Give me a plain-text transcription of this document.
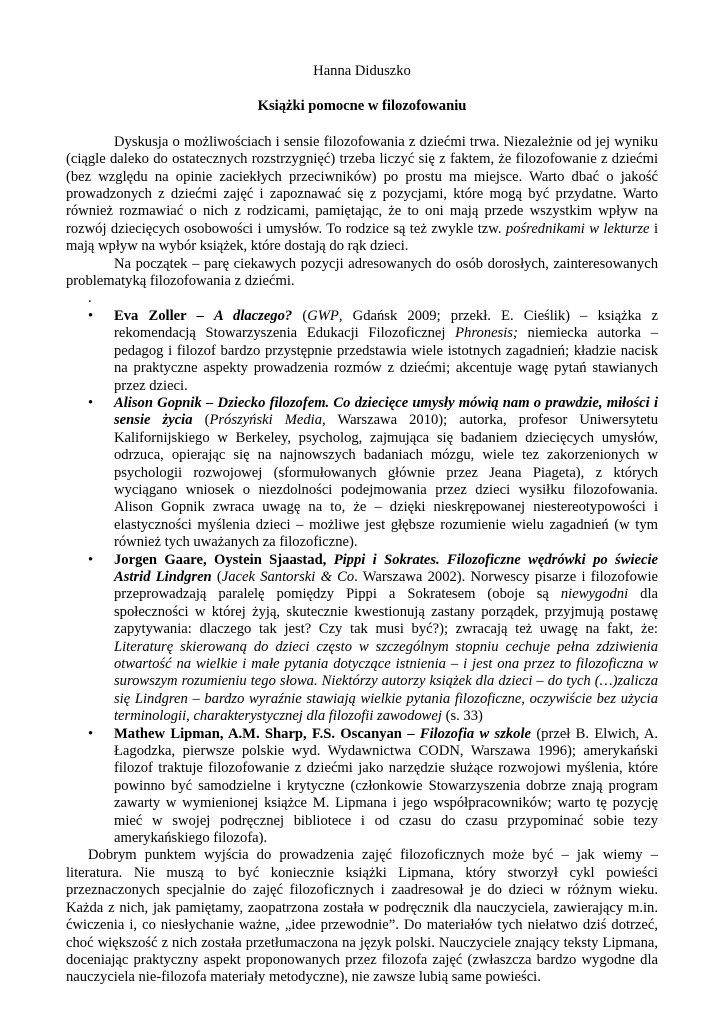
Hanna Diduszko
Książki pomocne w filozofowaniu

Dyskusja o możliwościach i sensie filozofowania z dziećmi trwa. Niezależnie od jej wyniku (ciągle daleko do ostatecznych rozstrzygnięć) trzeba liczyć się z faktem, że filozofowanie z dziećmi (bez względu na opinie zaciekłych przeciwników) po prostu ma miejsce. Warto dbać o jakość prowadzonych z dziećmi zajęć i zapoznawać się z pozycjami, które mogą być przydatne. Warto również rozmawiać o nich z rodzicami, pamiętając, że to oni mają przede wszystkim wpływ na rozwój dziecięcych osobowości i umysłów. To rodzice są też zwykle tzw. pośrednikami w lekturze i mają wpływ na wybór książek, które dostają do rąk dzieci.

Na początek – parę ciekawych pozycji adresowanych do osób dorosłych, zainteresowanych problematyką filozofowania z dziećmi.

.

• Eva Zoller – A dlaczego? (GWP, Gdańsk 2009; przekł. E. Cieślik) – książka z rekomendacją Stowarzyszenia Edukacji Filozoficznej Phronesis; niemiecka autorka – pedagog i filozof bardzo przystępnie przedstawia wiele istotnych zagadnień; kładzie nacisk na praktyczne aspekty prowadzenia rozmów z dziećmi; akcentuje wagę pytań stawianych przez dzieci.
• Alison Gopnik – Dziecko filozofem. Co dziecięce umysły mówią nam o prawdzie, miłości i sensie życia (Prószyński Media, Warszawa 2010); autorka, profesor Uniwersytetu Kalifornijskiego w Berkeley, psycholog, zajmująca się badaniem dziecięcych umysłów, odrzuca, opierając się na najnowszych badaniach mózgu, wiele tez zakorzenionych w psychologii rozwojowej (sformułowanych głównie przez Jeana Piageta), z których wyciągano wniosek o niezdolności podejmowania przez dzieci wysiłku filozofowania. Alison Gopnik zwraca uwagę na to, że – dzięki nieskrępowanej niestereotypowości i elastyczności myślenia dzieci – możliwe jest głębsze rozumienie wielu zagadnień (w tym również tych uważanych za filozoficzne).
• Jorgen Gaare, Oystein Sjaastad, Pippi i Sokrates. Filozoficzne wędrówki po świecie Astrid Lindgren (Jacek Santorski & Co. Warszawa 2002). Norwescy pisarze i filozofowie przeprowadzają paralelę pomiędzy Pippi a Sokratesem (oboje są niewygodni dla społeczności w której żyją, skutecznie kwestionują zastany porządek, przyjmują postawę zapytywania: dlaczego tak jest? Czy tak musi być?); zwracają też uwagę na fakt, że: Literaturę skierowaną do dzieci często w szczególnym stopniu cechuje pełna zdziwienia otwartość na wielkie i małe pytania dotyczące istnienia – i jest ona przez to filozoficzna w surowszym rozumieniu tego słowa. Niektórzy autorzy książek dla dzieci – do tych (…)zalicza się Lindgren – bardzo wyraźnie stawiają wielkie pytania filozoficzne, oczywiście bez użycia terminologii, charakterystycznej dla filozofii zawodowej (s. 33)
• Mathew Lipman, A.M. Sharp, F.S. Oscanyan – Filozofia w szkole (przeł B. Elwich, A. Łagodzka, pierwsze polskie wyd. Wydawnictwa CODN, Warszawa 1996); amerykański filozof traktuje filozofowanie z dziećmi jako narzędzie służące rozwojowi myślenia, które powinno być samodzielne i krytyczne (członkowie Stowarzyszenia dobrze znają program zawarty w wymienionej książce M. Lipmana i jego współpracowników; warto tę pozycję mieć w swojej podręcznej bibliotece i od czasu do czasu przypominać sobie tezy amerykańskiego filozofa).

Dobrym punktem wyjścia do prowadzenia zajęć filozoficznych może być – jak wiemy – literatura. Nie muszą to być koniecznie książki Lipmana, który stworzył cykl powieści przeznaczonych specjalnie do zajęć filozoficznych i zaadresował je do dzieci w różnym wieku. Każda z nich, jak pamiętamy, zaopatrzona została w podręcznik dla nauczyciela, zawierający m.in. ćwiczenia i, co niesłychanie ważne, „idee przewodnie”. Do materiałów tych niełatwo dziś dotrzeć, choć większość z nich została przetłumaczona na język polski. Nauczyciele znający teksty Lipmana, doceniając praktyczny aspekt proponowanych przez filozofa zajęć (zwłaszcza bardzo wygodne dla nauczyciela nie-filozofa materiały metodyczne), nie zawsze lubią same powieści.
